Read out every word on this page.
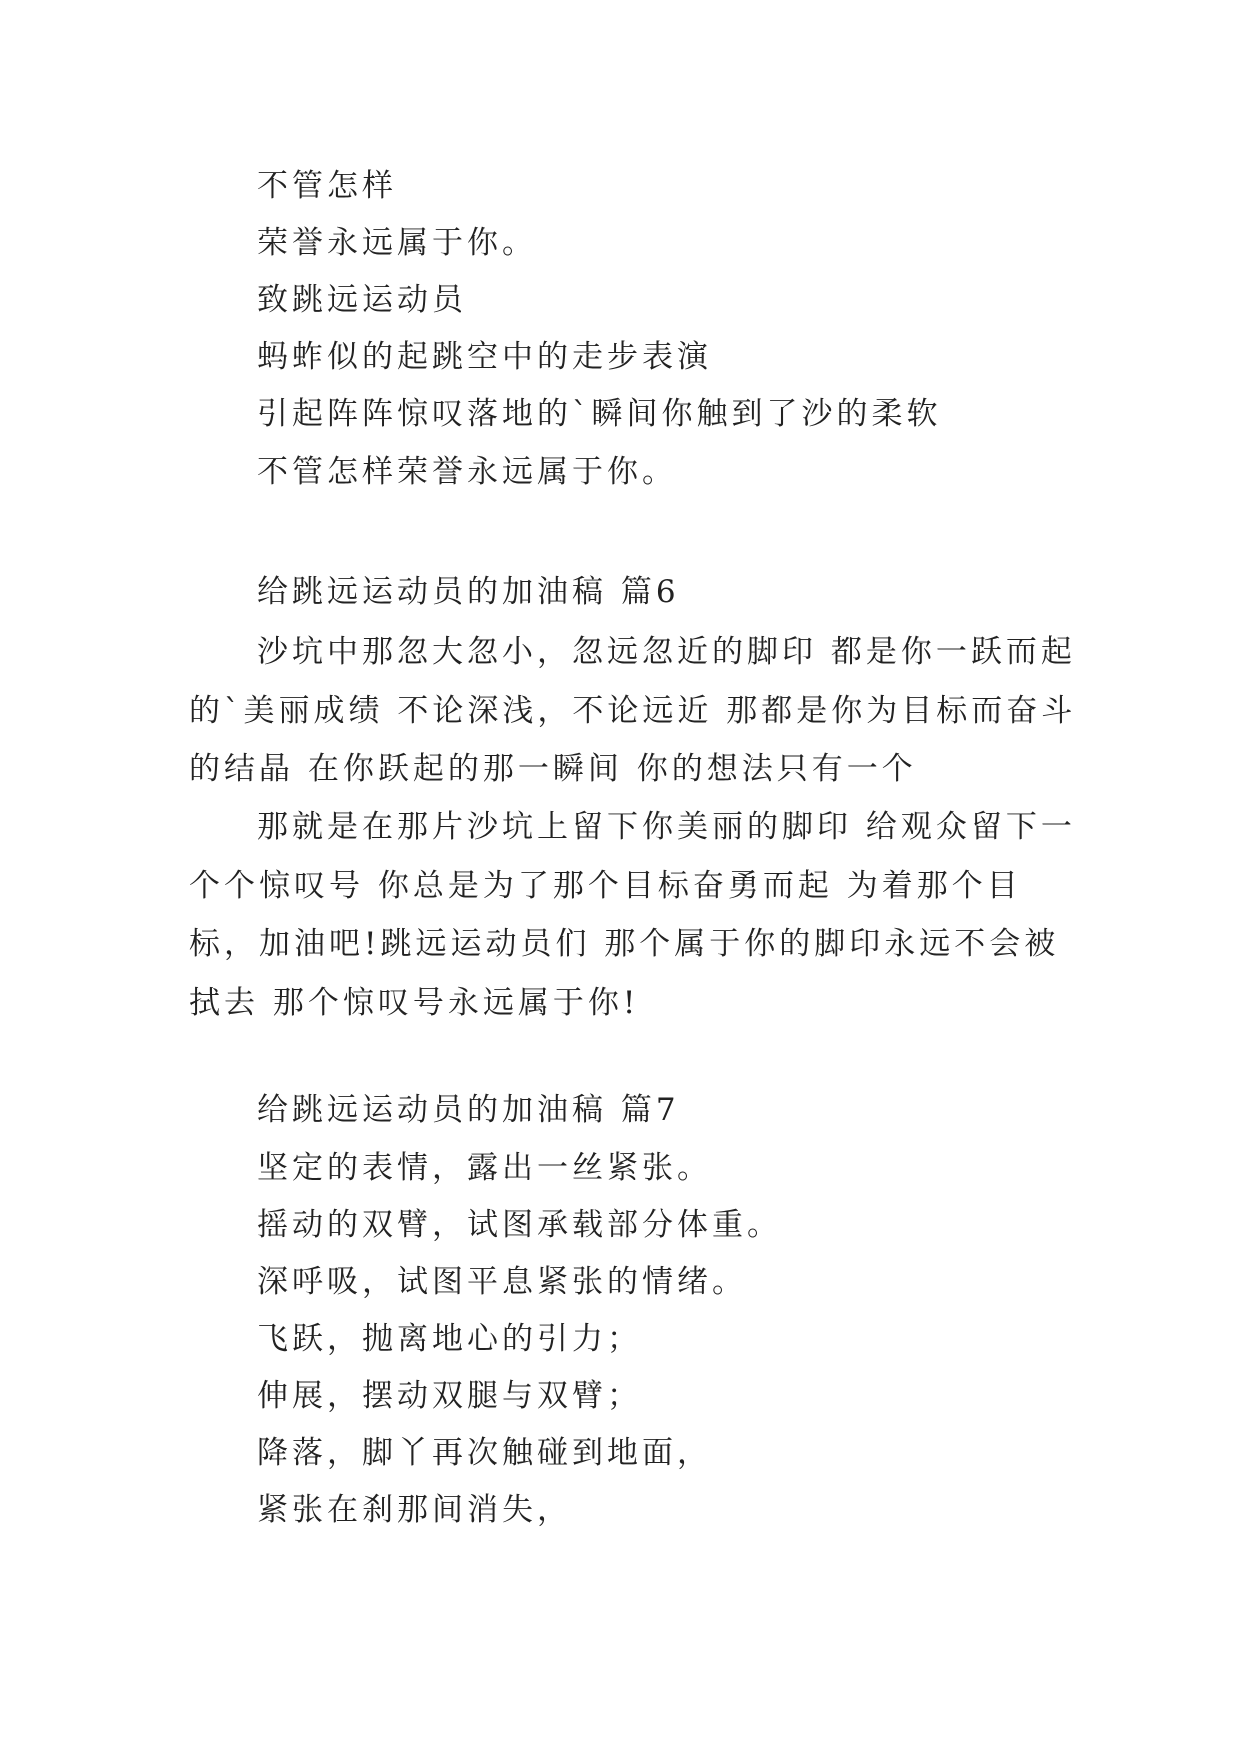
不管怎样

荣誉永远属于你。

致跳远运动员

蚂蚱似的起跳空中的走步表演

引起阵阵惊叹落地的`瞬间你触到了沙的柔软

不管怎样荣誉永远属于你。

给跳远运动员的加油稿 篇6

沙坑中那忽大忽小，忽远忽近的脚印 都是你一跃而起的`美丽成绩 不论深浅，不论远近 那都是你为目标而奋斗的结晶 在你跃起的那一瞬间 你的想法只有一个

那就是在那片沙坑上留下你美丽的脚印 给观众留下一个个惊叹号 你总是为了那个目标奋勇而起 为着那个目标，加油吧!跳远运动员们 那个属于你的脚印永远不会被拭去 那个惊叹号永远属于你!

给跳远运动员的加油稿 篇7

坚定的表情，露出一丝紧张。

摇动的双臂，试图承载部分体重。

深呼吸，试图平息紧张的情绪。

飞跃，抛离地心的引力；

伸展，摆动双腿与双臂；

降落，脚丫再次触碰到地面，

紧张在刹那间消失，
